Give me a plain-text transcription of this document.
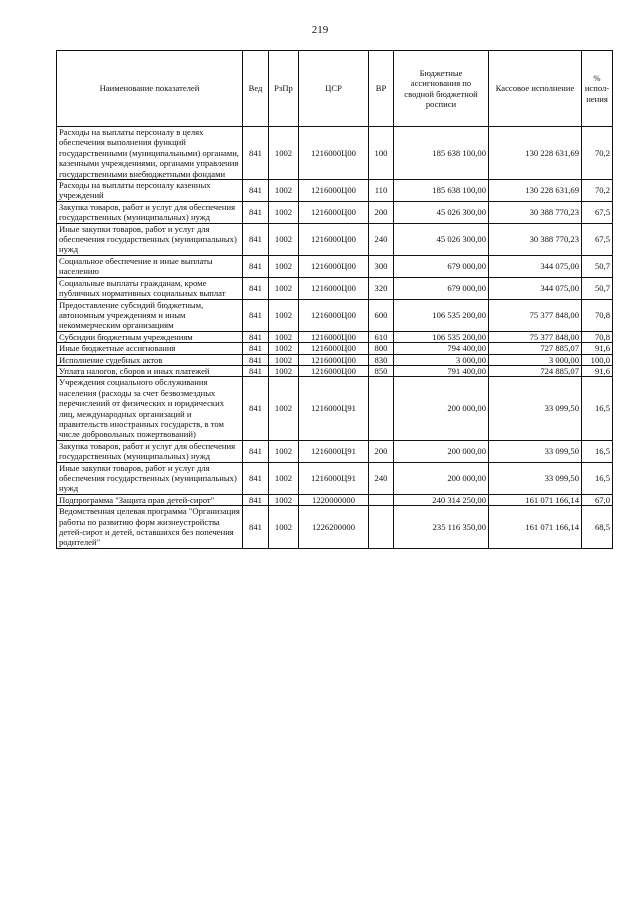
219
Наименование показателей	Вед	РзПр	ЦСР	ВР	Бюджетные ассигнования по сводной бюджетной росписи	Кассовое исполнение	% испол-нения
Расходы на выплаты персоналу в целях обеспечения выполнения функций государственными (муниципальными) органами, казенными учреждениями, органами управления государственными внебюджетными фондами	841	1002	1216000Ц00	100	185 638 100,00	130 228 631,69	70,2
Расходы на выплаты персоналу казенных учреждений	841	1002	1216000Ц00	110	185 638 100,00	130 228 631,69	70,2
Закупка товаров, работ и услуг для обеспечения государственных (муниципальных) нужд	841	1002	1216000Ц00	200	45 026 300,00	30 388 770,23	67,5
Иные закупки товаров, работ и услуг для обеспечения государственных (муниципальных) нужд	841	1002	1216000Ц00	240	45 026 300,00	30 388 770,23	67,5
Социальное обеспечение и иные выплаты населению	841	1002	1216000Ц00	300	679 000,00	344 075,00	50,7
Социальные выплаты гражданам, кроме публичных нормативных социальных выплат	841	1002	1216000Ц00	320	679 000,00	344 075,00	50,7
Предоставление субсидий бюджетным, автономным учреждениям и иным некоммерческим организациям	841	1002	1216000Ц00	600	106 535 200,00	75 377 848,00	70,8
Субсидии бюджетным учреждениям	841	1002	1216000Ц00	610	106 535 200,00	75 377 848,00	70,8
Иные бюджетные ассигнования	841	1002	1216000Ц00	800	794 400,00	727 885,07	91,6
Исполнение судебных актов	841	1002	1216000Ц00	830	3 000,00	3 000,00	100,0
Уплата налогов, сборов и иных платежей	841	1002	1216000Ц00	850	791 400,00	724 885,07	91,6
Учреждения социального обслуживания населения (расходы за счет безвозмездных перечислений от физических и юридических лиц, международных организаций и правительств иностранных государств, в том числе добровольных пожертвований)	841	1002	1216000Ц91		200 000,00	33 099,50	16,5
Закупка товаров, работ и услуг для обеспечения государственных (муниципальных) нужд	841	1002	1216000Ц91	200	200 000,00	33 099,50	16,5
Иные закупки товаров, работ и услуг для обеспечения государственных (муниципальных) нужд	841	1002	1216000Ц91	240	200 000,00	33 099,50	16,5
Подпрограмма "Защита прав детей-сирот"	841	1002	1220000000		240 314 250,00	161 071 166,14	67,0
Ведомственная целевая программа "Организация работы по развитию форм жизнеустройства детей-сирот и детей, оставшихся без попечения родителей"	841	1002	1226200000		235 116 350,00	161 071 166,14	68,5
